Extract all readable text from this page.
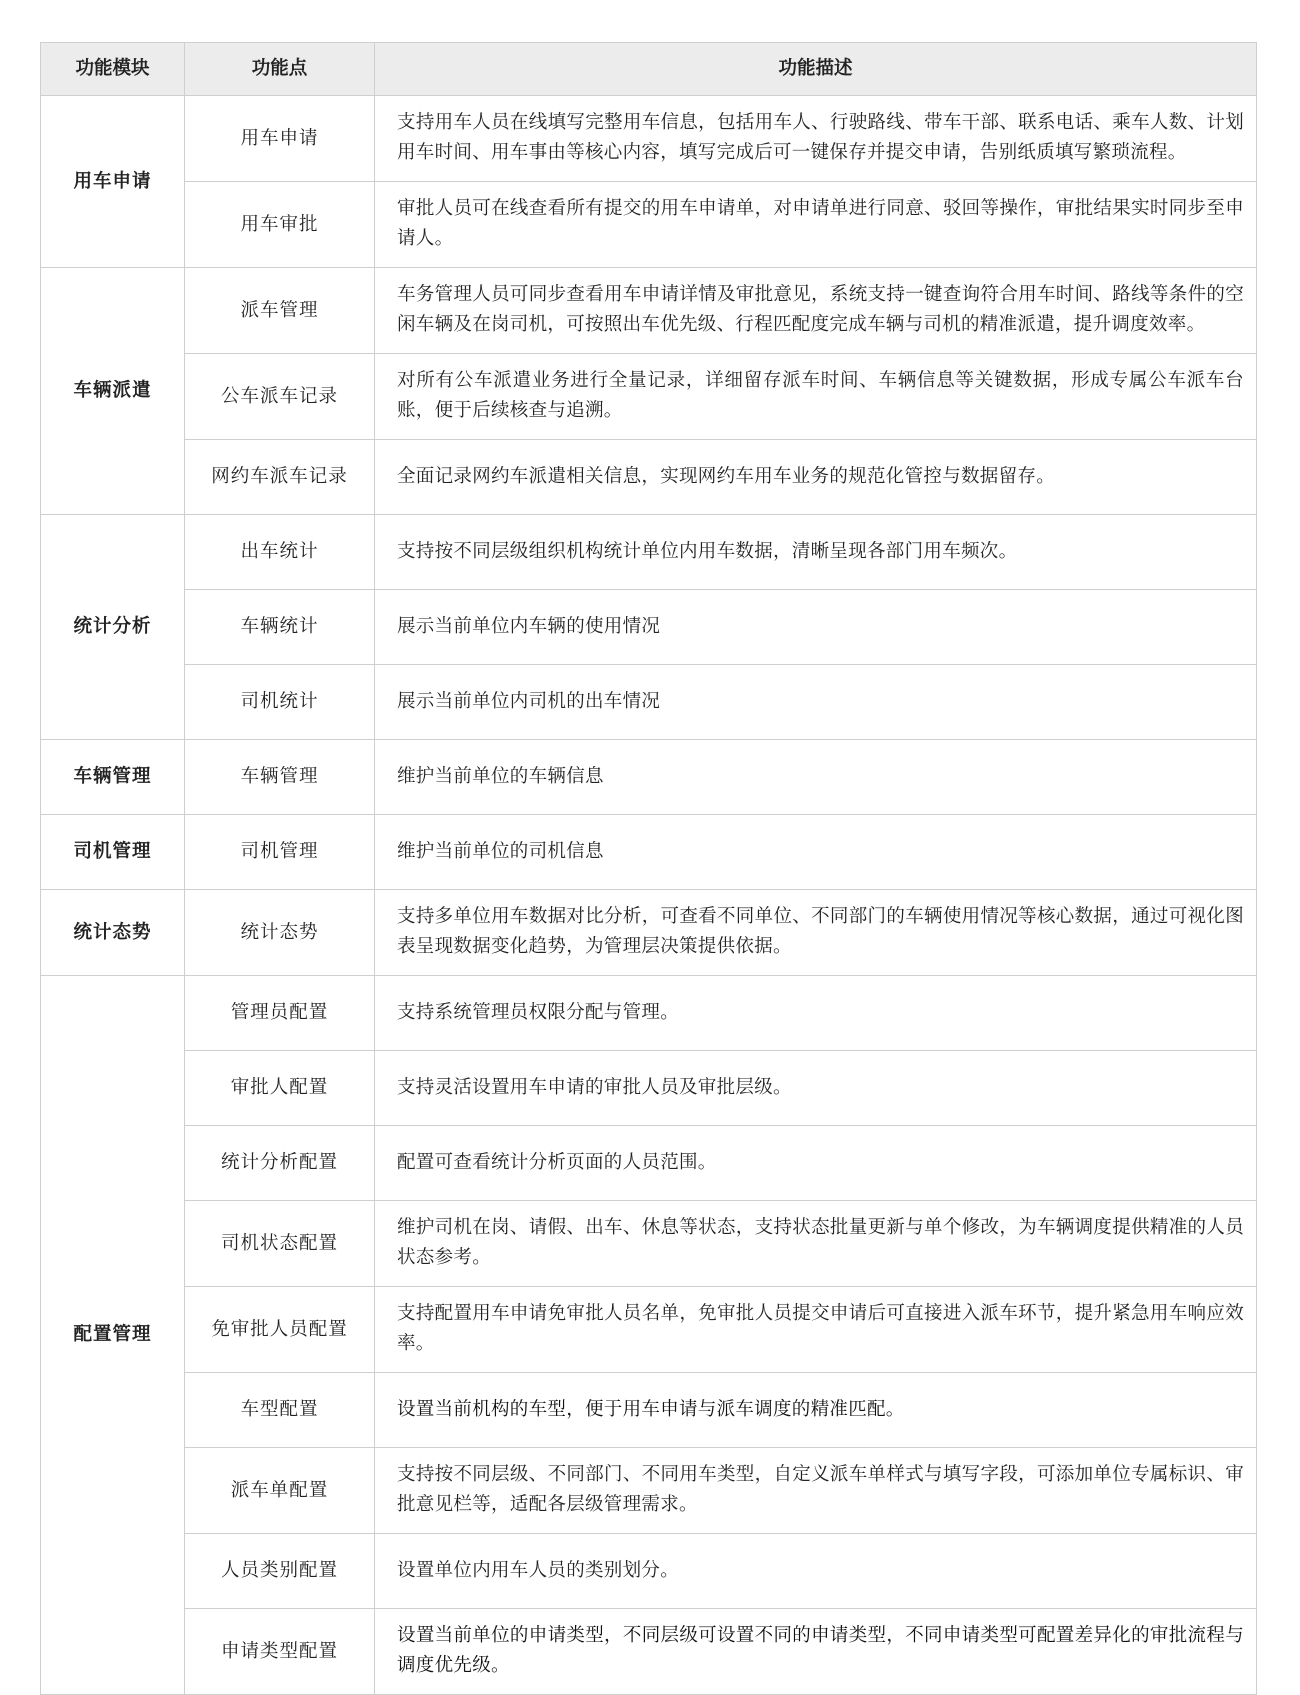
功能模块	功能点	功能描述
用车申请	用车申请	支持用车人员在线填写完整用车信息，包括用车人、行驶路线、带车干部、联系电话、乘车人数、计划用车时间、用车事由等核心内容，填写完成后可一键保存并提交申请，告别纸质填写繁琐流程。
	用车审批	审批人员可在线查看所有提交的用车申请单，对申请单进行同意、驳回等操作，审批结果实时同步至申请人。
车辆派遣	派车管理	车务管理人员可同步查看用车申请详情及审批意见，系统支持一键查询符合用车时间、路线等条件的空闲车辆及在岗司机，可按照出车优先级、行程匹配度完成车辆与司机的精准派遣，提升调度效率。
	公车派车记录	对所有公车派遣业务进行全量记录，详细留存派车时间、车辆信息等关键数据，形成专属公车派车台账，便于后续核查与追溯。
	网约车派车记录	全面记录网约车派遣相关信息，实现网约车用车业务的规范化管控与数据留存。
统计分析	出车统计	支持按不同层级组织机构统计单位内用车数据，清晰呈现各部门用车频次。
	车辆统计	展示当前单位内车辆的使用情况
	司机统计	展示当前单位内司机的出车情况
车辆管理	车辆管理	维护当前单位的车辆信息
司机管理	司机管理	维护当前单位的司机信息
统计态势	统计态势	支持多单位用车数据对比分析，可查看不同单位、不同部门的车辆使用情况等核心数据，通过可视化图表呈现数据变化趋势，为管理层决策提供依据。
配置管理	管理员配置	支持系统管理员权限分配与管理。
	审批人配置	支持灵活设置用车申请的审批人员及审批层级。
	统计分析配置	配置可查看统计分析页面的人员范围。
	司机状态配置	维护司机在岗、请假、出车、休息等状态，支持状态批量更新与单个修改，为车辆调度提供精准的人员状态参考。
	免审批人员配置	支持配置用车申请免审批人员名单，免审批人员提交申请后可直接进入派车环节，提升紧急用车响应效率。
	车型配置	设置当前机构的车型，便于用车申请与派车调度的精准匹配。
	派车单配置	支持按不同层级、不同部门、不同用车类型，自定义派车单样式与填写字段，可添加单位专属标识、审批意见栏等，适配各层级管理需求。
	人员类别配置	设置单位内用车人员的类别划分。
	申请类型配置	设置当前单位的申请类型，不同层级可设置不同的申请类型，不同申请类型可配置差异化的审批流程与调度优先级。
